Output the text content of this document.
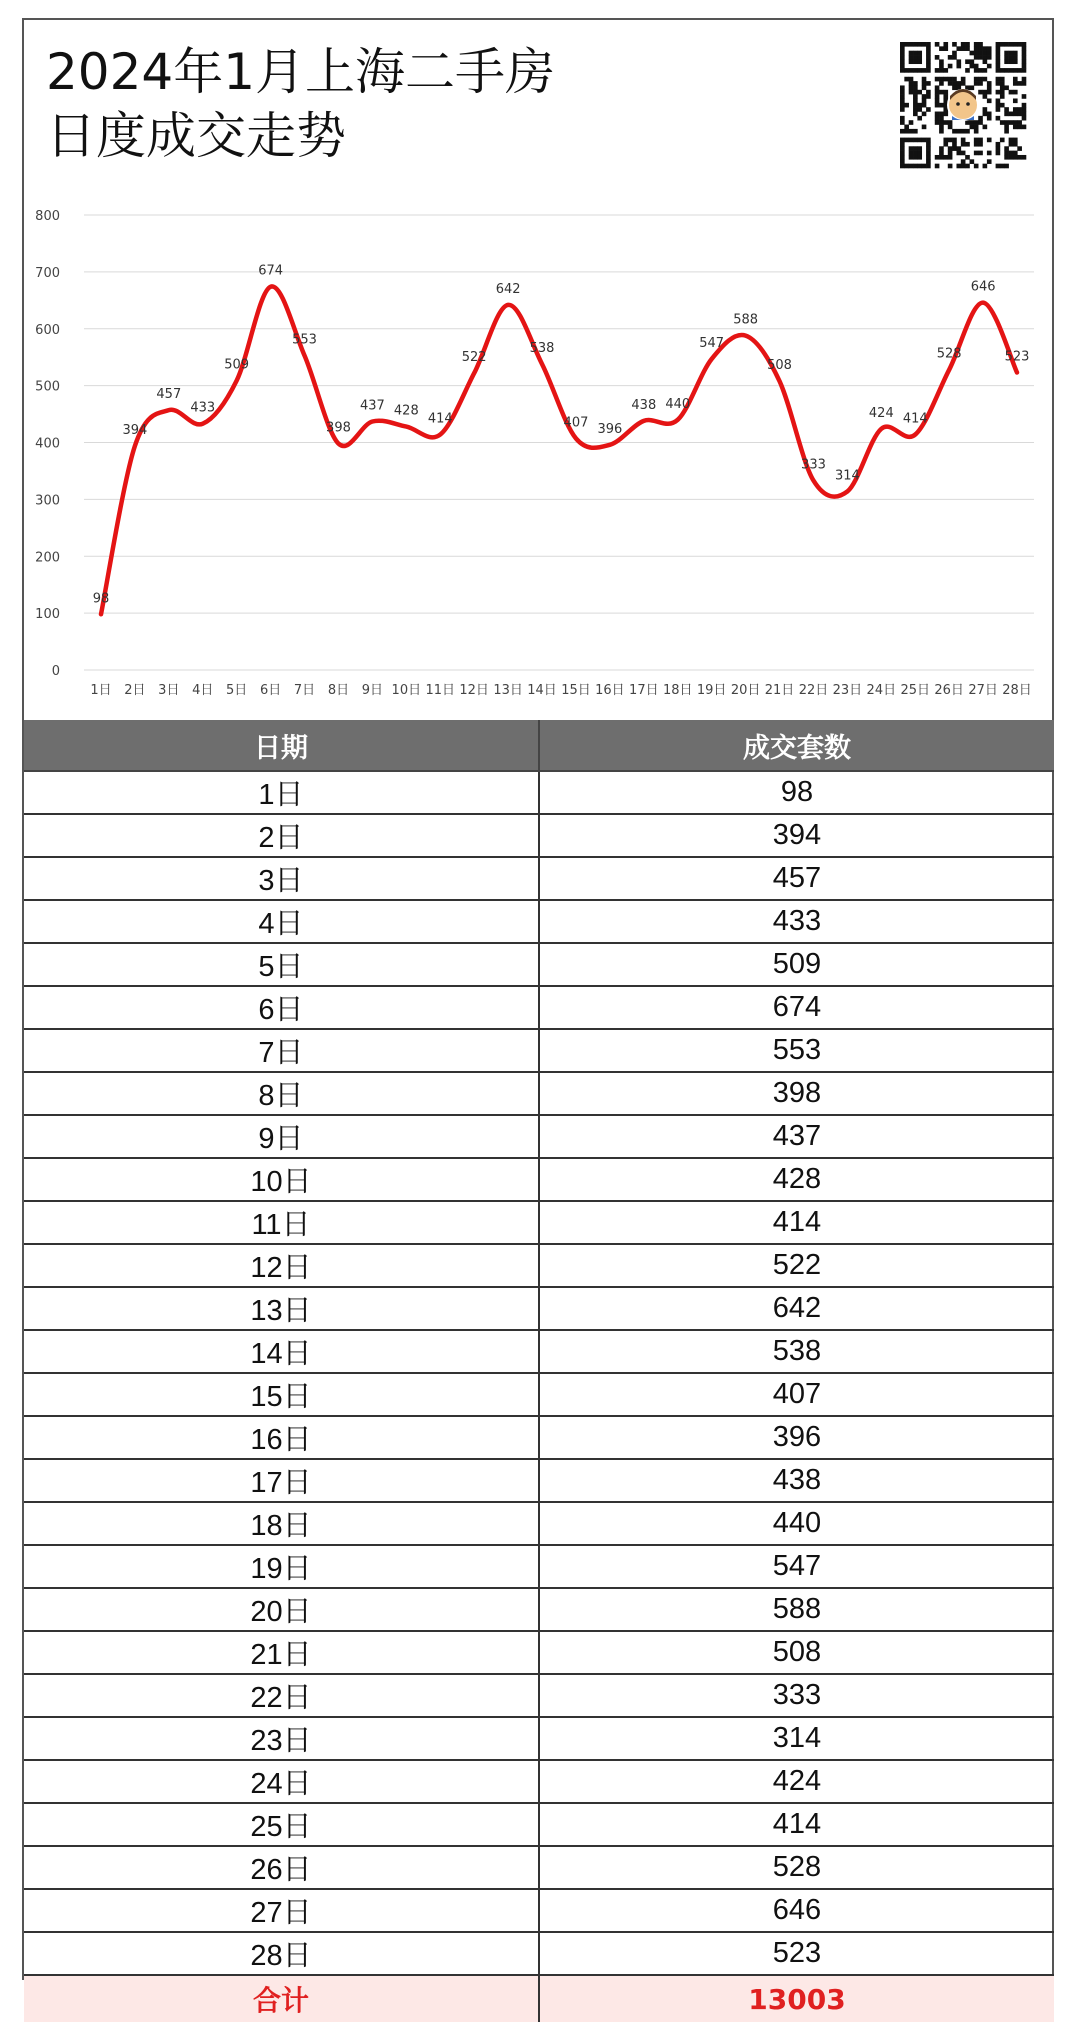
2024年1月上海二手房
日度成交走势
0
100
200
300
400
500
600
700
800
1日 2日 3日 4日 5日 6日 7日 8日 9日 10日 11日 12日 13日 14日 15日 16日 17日 18日 19日 20日 21日 22日 23日 24日 25日 26日 27日 28日
98
394
457
433
509
674
553
398
437 428
414
522
642
538
407 396
438 440
547
588
508
333
314
424 414
528
646
523
日期	成交套数
1日	98
2日	394
3日	457
4日	433
5日	509
6日	674
7日	553
8日	398
9日	437
10日	428
11日	414
12日	522
13日	642
14日	538
15日	407
16日	396
17日	438
18日	440
19日	547
20日	588
21日	508
22日	333
23日	314
24日	424
25日	414
26日	528
27日	646
28日	523
合计	13003
